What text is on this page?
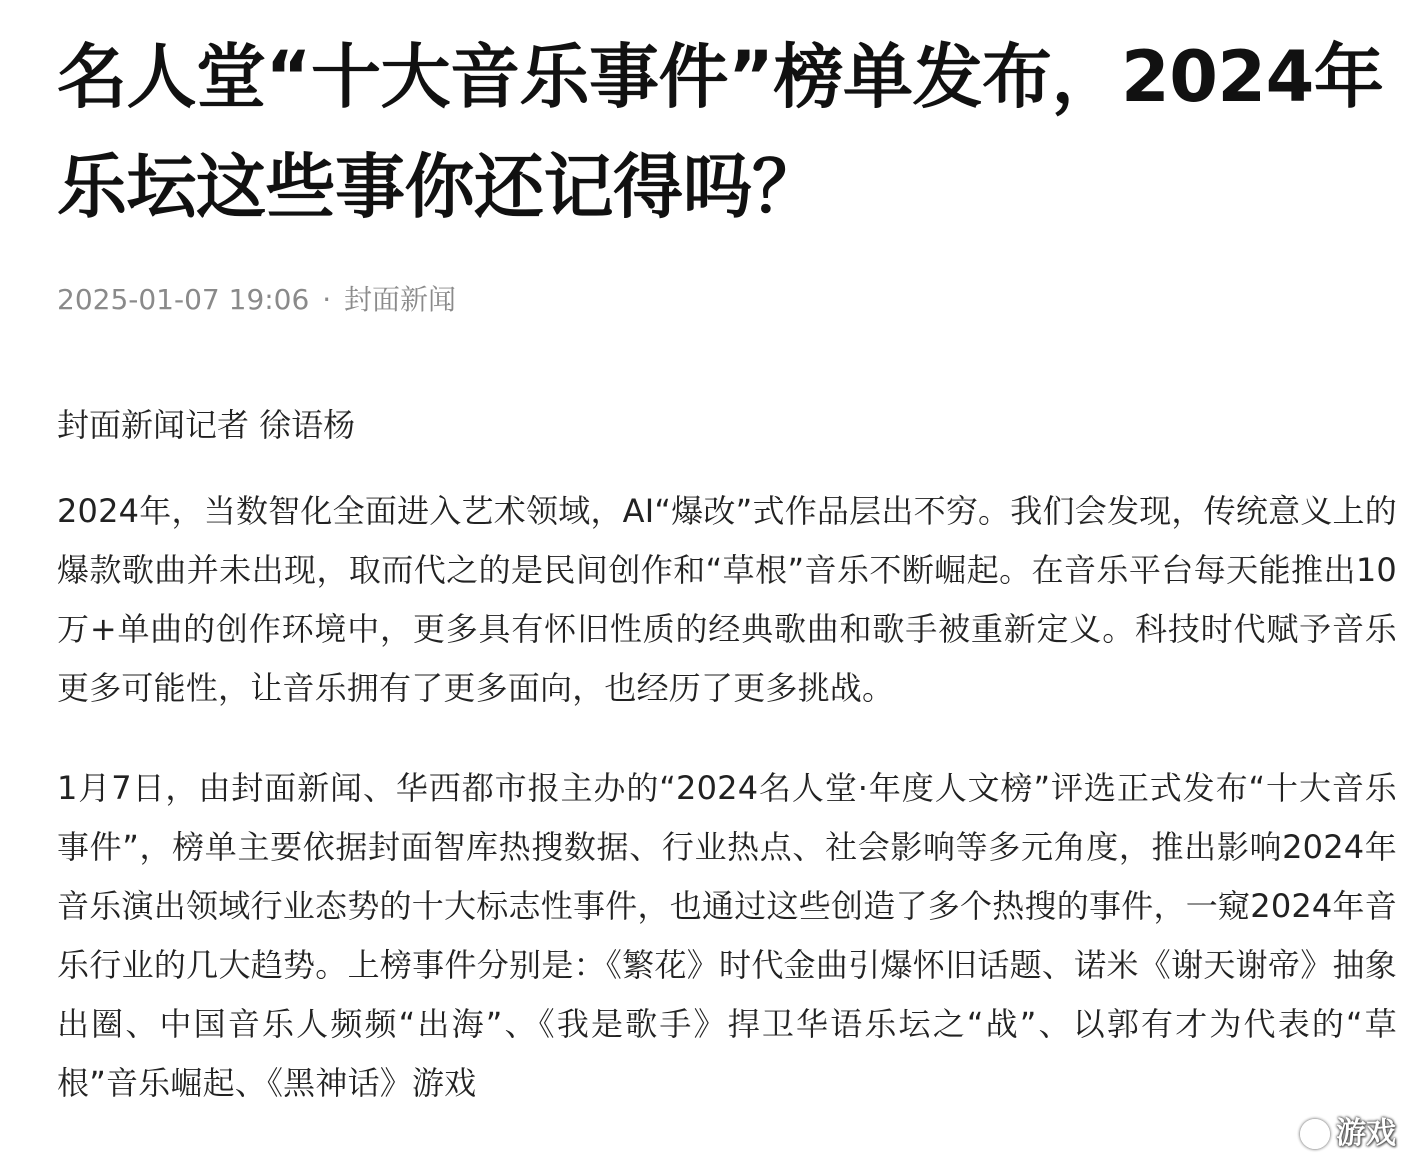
名人堂“十大音乐事件”榜单发布，2024年乐坛这些事你还记得吗？
2025-01-07 19:06 · 封面新闻
封面新闻记者 徐语杨

2024年，当数智化全面进入艺术领域，AI“爆改”式作品层出不穷。我们会发现，传统意义上的爆款歌曲并未出现，取而代之的是民间创作和“草根”音乐不断崛起。在音乐平台每天能推出10万+单曲的创作环境中，更多具有怀旧性质的经典歌曲和歌手被重新定义。科技时代赋予音乐更多可能性，让音乐拥有了更多面向，也经历了更多挑战。

1月7日，由封面新闻、华西都市报主办的“2024名人堂·年度人文榜”评选正式发布“十大音乐事件”，榜单主要依据封面智库热搜数据、行业热点、社会影响等多元角度，推出影响2024年音乐演出领域行业态势的十大标志性事件，也通过这些创造了多个热搜的事件，一窥2024年音乐行业的几大趋势。上榜事件分别是：《繁花》时代金曲引爆怀旧话题、诺米《谢天谢帝》抽象出圈、中国音乐人频频“出海”、《我是歌手》捍卫华语乐坛之“战”、以郭有才为代表的“草根”音乐崛起、《黑神话》游戏

游戏
